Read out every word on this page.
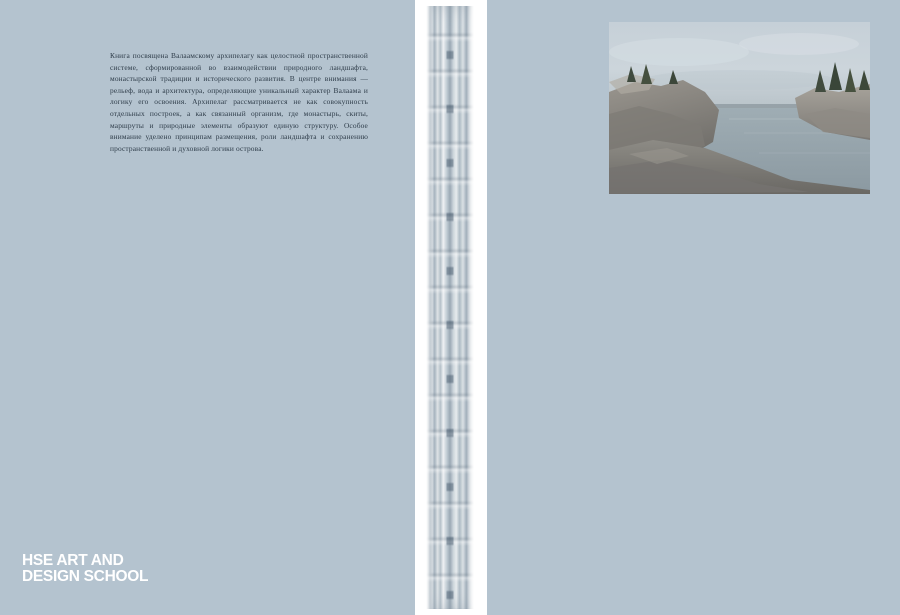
Книга посвящена Валаамскому архипелагу как целостной пространственной системе, сформированной во взаимодействии природного ландшафта, монастырской традиции и исторического развития. В центре внимания — рельеф, вода и архитектура, определяющие уникальный характер Валаама и логику его освоения. Архипелаг рассматривается не как совокупность отдельных построек, а как связанный организм, где монастырь, скиты, маршруты и природные элементы образуют единую структуру. Особое внимание уделено принципам размещения, роли ландшафта и сохранению пространственной и духовной логики острова.
HSE ART AND
DESIGN SCHOOL
